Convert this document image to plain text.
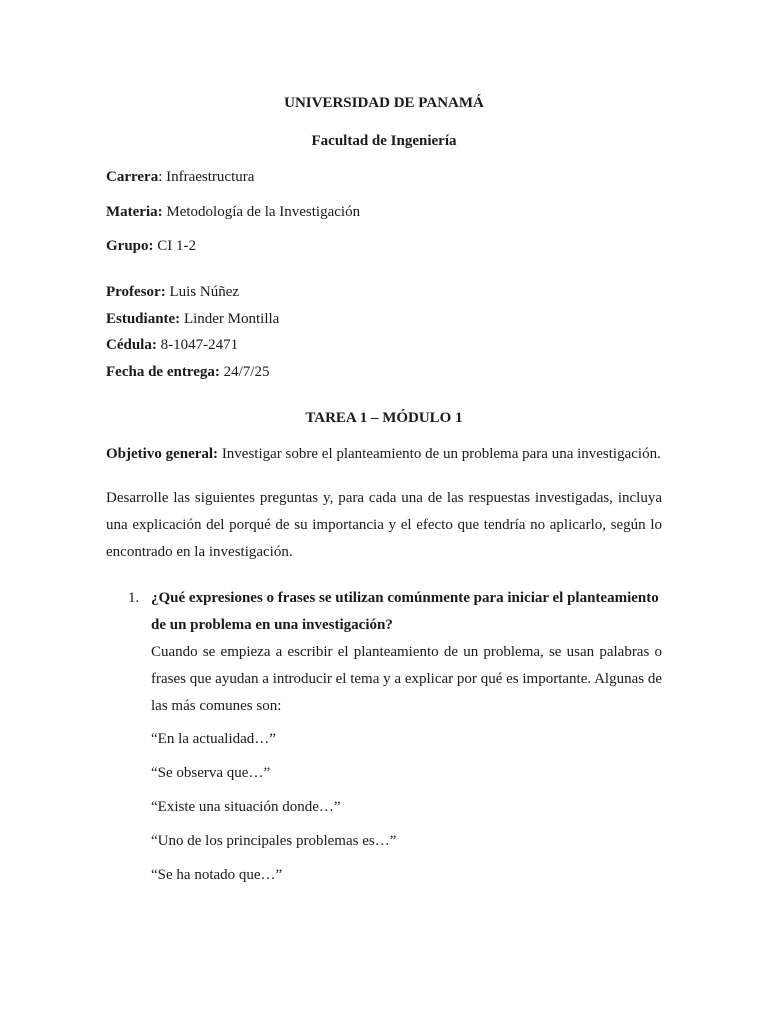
UNIVERSIDAD DE PANAMÁ
Facultad de Ingeniería
Carrera: Infraestructura
Materia: Metodología de la Investigación
Grupo: CI 1-2
Profesor: Luis Núñez
Estudiante: Linder Montilla
Cédula: 8-1047-2471
Fecha de entrega: 24/7/25
TAREA 1 – MÓDULO 1
Objetivo general: Investigar sobre el planteamiento de un problema para una investigación.
Desarrolle las siguientes preguntas y, para cada una de las respuestas investigadas, incluya una explicación del porqué de su importancia y el efecto que tendría no aplicarlo, según lo encontrado en la investigación.
1. ¿Qué expresiones o frases se utilizan comúnmente para iniciar el planteamiento de un problema en una investigación?
Cuando se empieza a escribir el planteamiento de un problema, se usan palabras o frases que ayudan a introducir el tema y a explicar por qué es importante. Algunas de las más comunes son:
“En la actualidad…”
“Se observa que…”
“Existe una situación donde…”
“Uno de los principales problemas es…”
“Se ha notado que…”
